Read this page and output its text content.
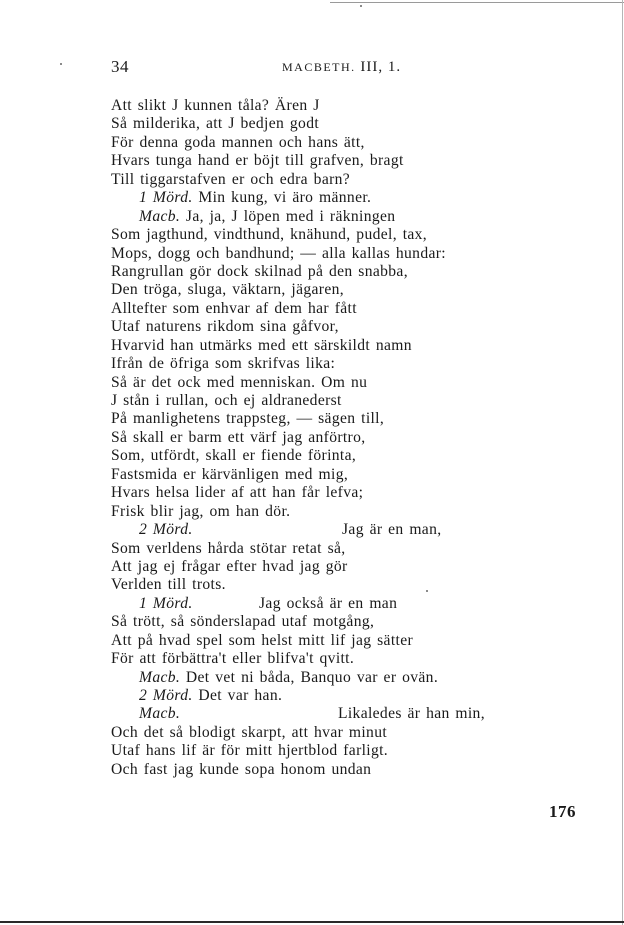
34	MACBETH. III, 1.
Att slikt J kunnen tåla? Ären J
Så milderika, att J bedjen godt
För denna goda mannen och hans ätt,
Hvars tunga hand er böjt till grafven, bragt
Till tiggarstafven er och edra barn?
1 Mörd. Min kung, vi äro männer.
Macb. Ja, ja, J löpen med i räkningen
Som jagthund, vindthund, knähund, pudel, tax,
Mops, dogg och bandhund; — alla kallas hundar:
Rangrullan gör dock skilnad på den snabba,
Den tröga, sluga, väktarn, jägaren,
Alltefter som enhvar af dem har fått
Utaf naturens rikdom sina gåfvor,
Hvarvid han utmärks med ett särskildt namn
Ifrån de öfriga som skrifvas lika:
Så är det ock med menniskan. Om nu
J stån i rullan, och ej aldranederst
På manlighetens trappsteg, — sägen till,
Så skall er barm ett värf jag anförtro,
Som, utfördt, skall er fiende förinta,
Fastsmida er kärvänligen med mig,
Hvars helsa lider af att han får lefva;
Frisk blir jag, om han dör.
2 Mörd.	Jag är en man,
Som verldens hårda stötar retat så,
Att jag ej frågar efter hvad jag gör
Verlden till trots.
1 Mörd.	Jag också är en man
Så trött, så sönderslapad utaf motgång,
Att på hvad spel som helst mitt lif jag sätter
För att förbättra't eller blifva't qvitt.
Macb. Det vet ni båda, Banquo var er ovän.
2 Mörd. Det var han.
Macb.	Likaledes är han min,
Och det så blodigt skarpt, att hvar minut
Utaf hans lif är för mitt hjertblod farligt.
Och fast jag kunde sopa honom undan
176
